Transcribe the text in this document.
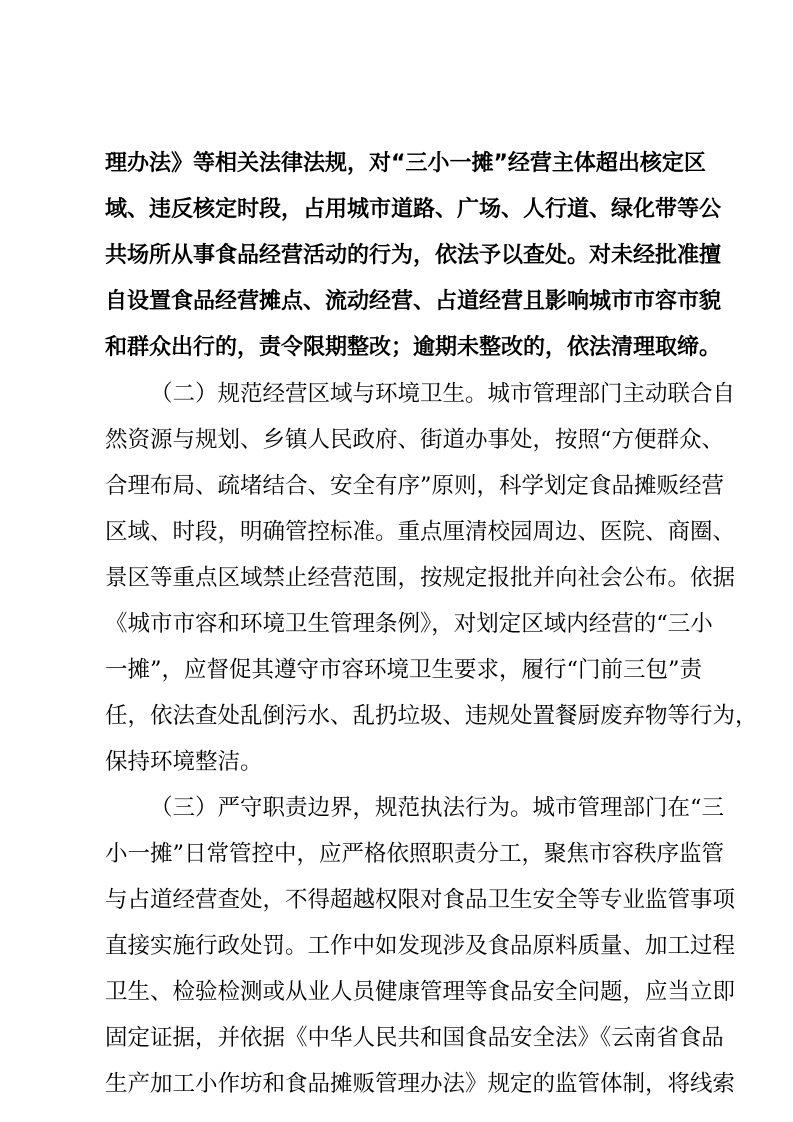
理办法》等相关法律法规，对“三小一摊”经营主体超出核定区
域、违反核定时段，占用城市道路、广场、人行道、绿化带等公
共场所从事食品经营活动的行为，依法予以查处。对未经批准擅
自设置食品经营摊点、流动经营、占道经营且影响城市市容市貌
和群众出行的，责令限期整改；逾期未整改的，依法清理取缔。
（二）规范经营区域与环境卫生。城市管理部门主动联合自
然资源与规划、乡镇人民政府、街道办事处，按照“方便群众、
合理布局、疏堵结合、安全有序”原则，科学划定食品摊贩经营
区域、时段，明确管控标准。重点厘清校园周边、医院、商圈、
景区等重点区域禁止经营范围，按规定报批并向社会公布。依据
《城市市容和环境卫生管理条例》，对划定区域内经营的“三小
一摊”，应督促其遵守市容环境卫生要求，履行“门前三包”责
任，依法查处乱倒污水、乱扔垃圾、违规处置餐厨废弃物等行为，
保持环境整洁。
（三）严守职责边界，规范执法行为。城市管理部门在“三
小一摊”日常管控中，应严格依照职责分工，聚焦市容秩序监管
与占道经营查处，不得超越权限对食品卫生安全等专业监管事项
直接实施行政处罚。工作中如发现涉及食品原料质量、加工过程
卫生、检验检测或从业人员健康管理等食品安全问题，应当立即
固定证据，并依据《中华人民共和国食品安全法》《云南省食品
生产加工小作坊和食品摊贩管理办法》规定的监管体制，将线索
